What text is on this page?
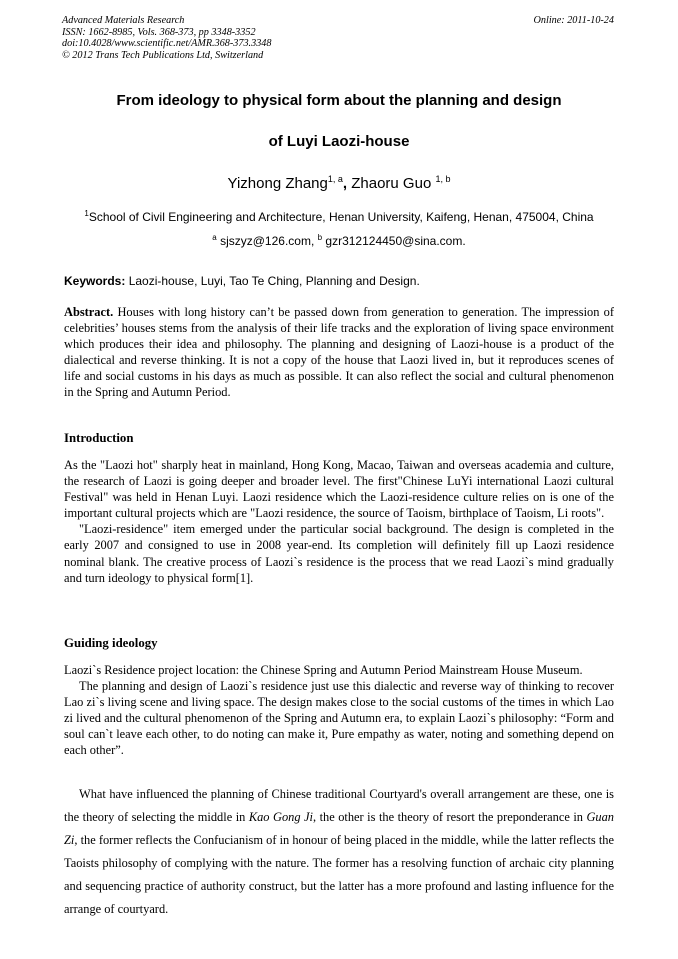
Advanced Materials Research
ISSN: 1662-8985, Vols. 368-373, pp 3348-3352
doi:10.4028/www.scientific.net/AMR.368-373.3348
© 2012 Trans Tech Publications Ltd, Switzerland
Online: 2011-10-24
From ideology to physical form about the planning and design
of Luyi Laozi-house
Yizhong Zhang$^{1, a}$, Zhaoru Guo $^{1, b}$
$^1$School of Civil Engineering and Architecture, Henan University, Kaifeng, Henan, 475004, China
$^a$ sjszyz@126.com, $^b$ gzr312124450@sina.com.
Keywords: Laozi-house, Luyi, Tao Te Ching, Planning and Design.

Abstract. Houses with long history can’t be passed down from generation to generation. The impression of celebrities’ houses stems from the analysis of their life tracks and the exploration of living space environment which produces their idea and philosophy. The planning and designing of Laozi-house is a product of the dialectical and reverse thinking. It is not a copy of the house that Laozi lived in, but it reproduces scenes of life and social customs in his days as much as possible. It can also reflect the social and cultural phenomenon in the Spring and Autumn Period.

Introduction

As the "Laozi hot" sharply heat in mainland, Hong Kong, Macao, Taiwan and overseas academia and culture, the research of Laozi is going deeper and broader level. The first"Chinese LuYi international Laozi cultural Festival" was held in Henan Luyi. Laozi residence which the Laozi-residence culture relies on is one of the important cultural projects which are "Laozi residence, the source of Taoism, birthplace of Taoism, Li roots".

"Laozi-residence" item emerged under the particular social background. The design is completed in the early 2007 and consigned to use in 2008 year-end. Its completion will definitely fill up Laozi residence nominal blank. The creative process of Laozi`s residence is the process that we read Laozi`s mind gradually and turn ideology to physical form[1].

Guiding ideology

Laozi`s Residence project location: the Chinese Spring and Autumn Period Mainstream House Museum.

The planning and design of Laozi`s residence just use this dialectic and reverse way of thinking to recover Lao zi`s living scene and living space. The design makes close to the social customs of the times in which Lao zi lived and the cultural phenomenon of the Spring and Autumn era, to explain Laozi`s philosophy: “Form and soul can`t leave each other, to do noting can make it, Pure empathy as water, noting and something depend on each other”.

What have influenced the planning of Chinese traditional Courtyard's overall arrangement are these, one is the theory of selecting the middle in Kao Gong Ji, the other is the theory of resort the preponderance in Guan Zi, the former reflects the Confucianism of in honour of being placed in the middle, while the latter reflects the Taoists philosophy of complying with the nature. The former has a resolving function of archaic city planning and sequencing practice of authority construct, but the latter has a more profound and lasting influence for the arrange of courtyard.
